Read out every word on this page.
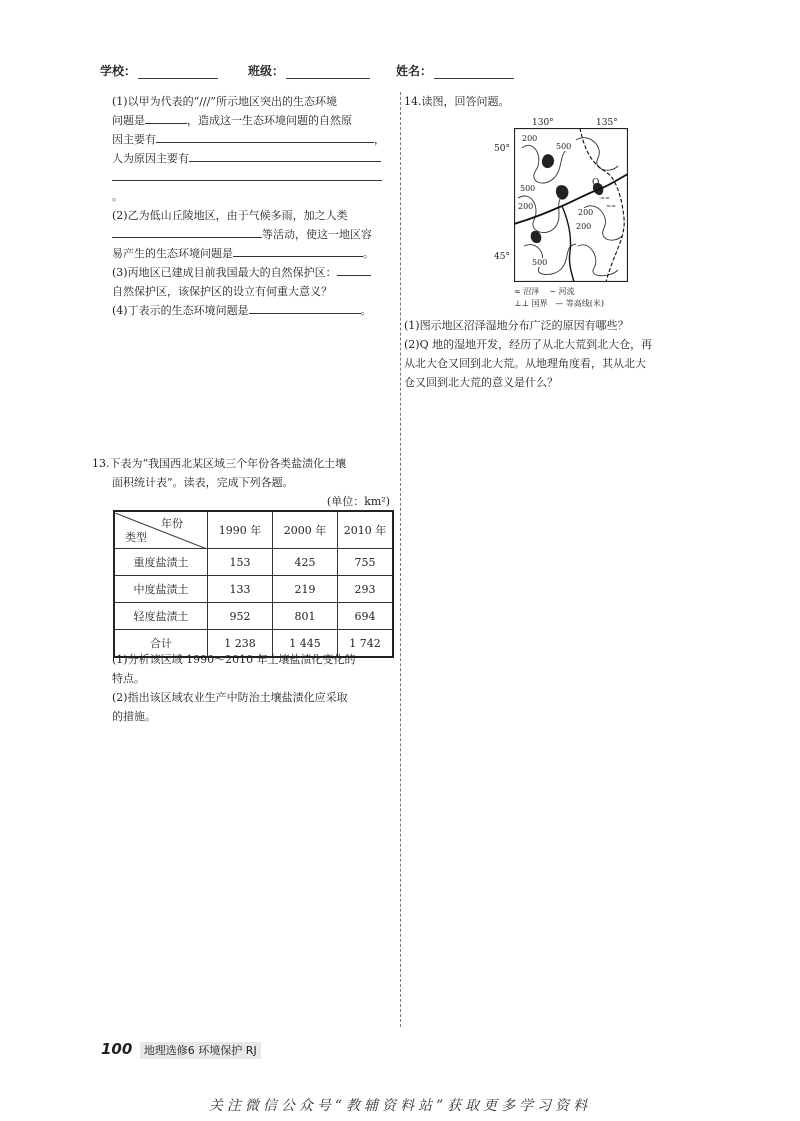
学校：	班级：	姓名：
(1)以甲为代表的“///”所示地区突出的生态环境
问题是	，造成这一生态环境问题的自然原
因主要有	，
人为原因主要有
。
(2)乙为低山丘陵地区，由于气候多雨，加之人类
等活动，使这一地区容
易产生的生态环境问题是	。
(3)丙地区已建成目前我国最大的自然保护区：
自然保护区，该保护区的设立有何重大意义？
(4)丁表示的生态环境问题是	。
13.下表为“我国西北某区域三个年份各类盐渍化土壤
面积统计表”。读表，完成下列各题。
(单位：km²)
年份
类型	1990 年	2000 年	2010 年
重度盐渍土	153	425	755
中度盐渍土	133	219	293
轻度盐渍土	952	801	694
合计	1 238	1 445	1 742
(1)分析该区域 1990～2010 年土壤盐渍化变化的
特点。
(2)指出该区域农业生产中防治土壤盐渍化应采取
的措施。
14.读图，回答问题。
130°	135°
50°
45°
≈≈
≈≈
200
500
200
500
200
200
500
Q
≈ 沼泽 ∼ 河流
⊥⊥ 国界 — 等高线(米)
(1)图示地区沼泽湿地分布广泛的原因有哪些？
(2)Q 地的湿地开发，经历了从北大荒到北大仓，再
从北大仓又回到北大荒。从地理角度看，其从北大
仓又回到北大荒的意义是什么？
100 地理选修6 环境保护 RJ
关注微信公众号“教辅资料站”获取更多学习资料
